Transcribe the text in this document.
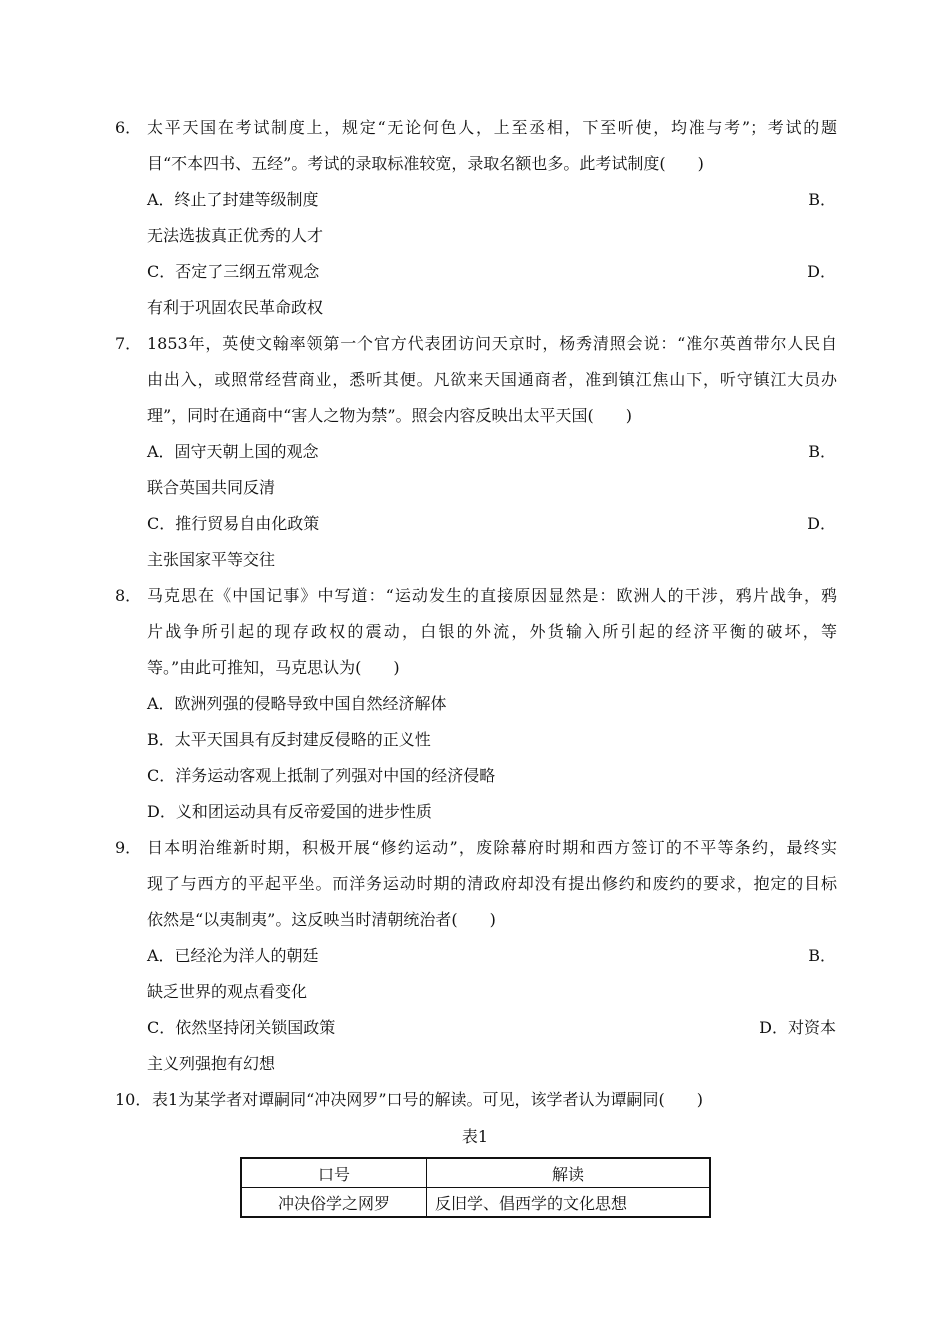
6． 太平天国在考试制度上，规定“无论何色人，上至丞相，下至听使，均准与考”；考试的题
目“不本四书、五经”。考试的录取标准较宽，录取名额也多。此考试制度(　　)
A．终止了封建等级制度	B．
无法选拔真正优秀的人才
C．否定了三纲五常观念	D．
有利于巩固农民革命政权
7． 1853年，英使文翰率领第一个官方代表团访问天京时，杨秀清照会说：“准尔英酋带尔人民自
由出入，或照常经营商业，悉听其便。凡欲来天国通商者，准到镇江焦山下，听守镇江大员办
理”，同时在通商中“害人之物为禁”。照会内容反映出太平天国(　　)
A．固守天朝上国的观念	B．
联合英国共同反清
C．推行贸易自由化政策	D．
主张国家平等交往
8． 马克思在《中国记事》中写道：“运动发生的直接原因显然是：欧洲人的干涉，鸦片战争，鸦
片战争所引起的现存政权的震动，白银的外流，外货输入所引起的经济平衡的破坏，等
等。”由此可推知，马克思认为(　　)
A．欧洲列强的侵略导致中国自然经济解体
B．太平天国具有反封建反侵略的正义性
C．洋务运动客观上抵制了列强对中国的经济侵略
D．义和团运动具有反帝爱国的进步性质
9． 日本明治维新时期，积极开展“修约运动”，废除幕府时期和西方签订的不平等条约，最终实
现了与西方的平起平坐。而洋务运动时期的清政府却没有提出修约和废约的要求，抱定的目标
依然是“以夷制夷”。这反映当时清朝统治者(　　)
A．已经沦为洋人的朝廷	B．
缺乏世界的观点看变化
C．依然坚持闭关锁国政策	D．对资本
主义列强抱有幻想
10． 表1为某学者对谭嗣同“冲决网罗”口号的解读。可见，该学者认为谭嗣同(　　)
表1
口号	解读
冲决俗学之网罗	反旧学、倡西学的文化思想
